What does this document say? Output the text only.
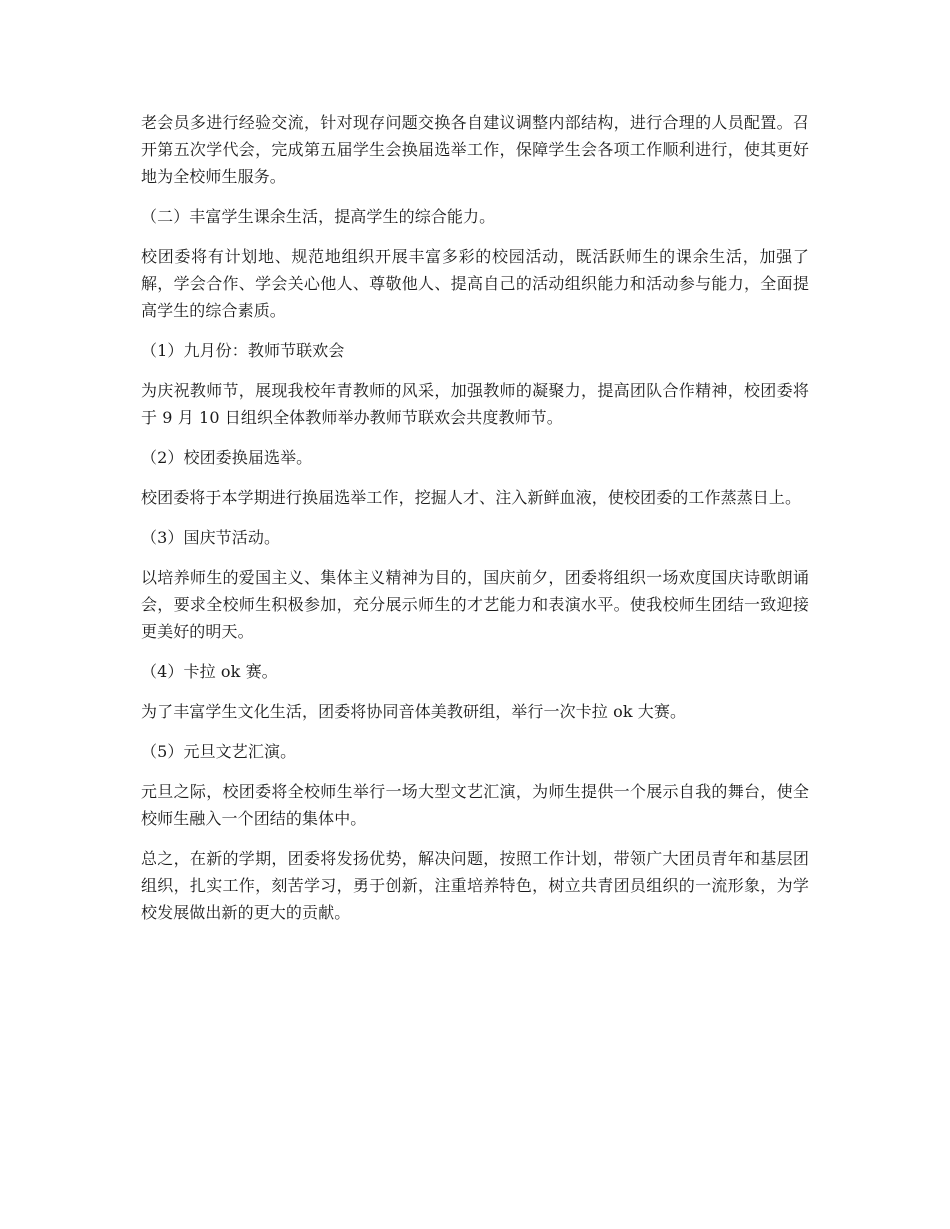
老会员多进行经验交流，针对现存问题交换各自建议调整内部结构，进行合理的人员配置。召开第五次学代会，完成第五届学生会换届选举工作，保障学生会各项工作顺利进行，使其更好地为全校师生服务。

（二）丰富学生课余生活，提高学生的综合能力。

校团委将有计划地、规范地组织开展丰富多彩的校园活动，既活跃师生的课余生活，加强了解，学会合作、学会关心他人、尊敬他人、提高自己的活动组织能力和活动参与能力，全面提高学生的综合素质。

（1）九月份：教师节联欢会

为庆祝教师节，展现我校年青教师的风采，加强教师的凝聚力，提高团队合作精神，校团委将于 9 月 10 日组织全体教师举办教师节联欢会共度教师节。

（2）校团委换届选举。

校团委将于本学期进行换届选举工作，挖掘人才、注入新鲜血液，使校团委的工作蒸蒸日上。

（3）国庆节活动。

以培养师生的爱国主义、集体主义精神为目的，国庆前夕，团委将组织一场欢度国庆诗歌朗诵会，要求全校师生积极参加，充分展示师生的才艺能力和表演水平。使我校师生团结一致迎接更美好的明天。

（4）卡拉 ok 赛。

为了丰富学生文化生活，团委将协同音体美教研组，举行一次卡拉 ok 大赛。

（5）元旦文艺汇演。

元旦之际，校团委将全校师生举行一场大型文艺汇演，为师生提供一个展示自我的舞台，使全校师生融入一个团结的集体中。

总之，在新的学期，团委将发扬优势，解决问题，按照工作计划，带领广大团员青年和基层团组织，扎实工作，刻苦学习，勇于创新，注重培养特色，树立共青团员组织的一流形象，为学校发展做出新的更大的贡献。
